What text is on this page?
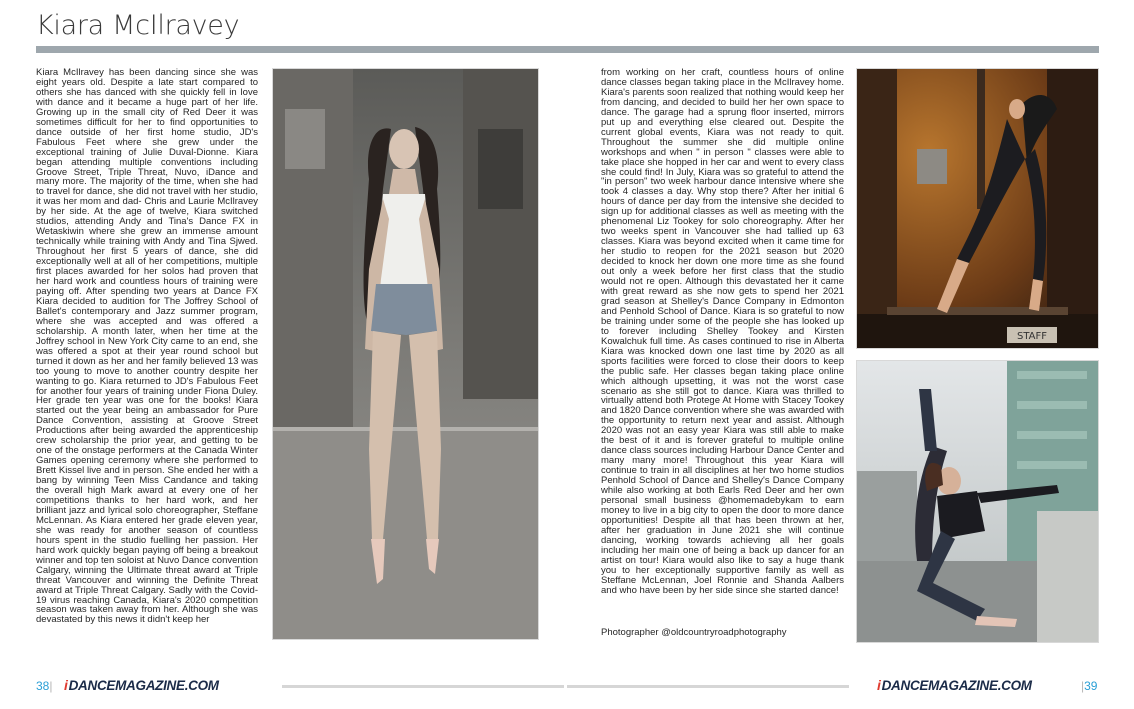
Kiara McIlravey

Kiara McIlravey has been dancing since she was eight years old. Despite a late start compared to others she has danced with she quickly fell in love with dance and it became a huge part of her life. Growing up in the small city of Red Deer it was sometimes difficult for her to find opportunities to dance outside of her first home studio, JD's Fabulous Feet where she grew under the exceptional training of Julie Duval-Dionne. Kiara began attending multiple conventions including Groove Street, Triple Threat, Nuvo, iDance and many more. The majority of the time, when she had to travel for dance, she did not travel with her studio, it was her mom and dad- Chris and Laurie McIlravey by her side. At the age of twelve, Kiara switched studios, attending Andy and Tina's Dance FX in Wetaskiwin where she grew an immense amount technically while training with Andy and Tina Sjwed. Throughout her first 5 years of dance, she did exceptionally well at all of her competitions, multiple first places awarded for her solos had proven that her hard work and countless hours of training were paying off. After spending two years at Dance FX Kiara decided to audition for The Joffrey School of Ballet's contemporary and Jazz summer program, where she was accepted and was offered a scholarship. A month later, when her time at the Joffrey school in New York City came to an end, she was offered a spot at their year round school but turned it down as her and her family believed 13 was too young to move to another country despite her wanting to go. Kiara returned to JD's Fabulous Feet for another four years of training under Fiona Duley. Her grade ten year was one for the books! Kiara started out the year being an ambassador for Pure Dance Convention, assisting at Groove Street Productions after being awarded the apprenticeship crew scholarship the prior year, and getting to be one of the onstage performers at the Canada Winter Games opening ceremony where she performed to Brett Kissel live and in person. She ended her with a bang by winning Teen Miss Candance and taking the overall high Mark award at every one of her competitions thanks to her hard work, and her brilliant jazz and lyrical solo choreographer, Steffane McLennan. As Kiara entered her grade eleven year, she was ready for another season of countless hours spent in the studio fuelling her passion. Her hard work quickly began paying off being a breakout winner and top ten soloist at Nuvo Dance convention Calgary, winning the Ultimate threat award at Triple threat Vancouver and winning the Definite Threat award at Triple Threat Calgary. Sadly with the Covid-19 virus reaching Canada, Kiara's 2020 competition season was taken away from her. Although she was devastated by this news it didn't keep her

from working on her craft, countless hours of online dance classes began taking place in the McIlravey home. Kiara's parents soon realized that nothing would keep her from dancing, and decided to build her her own space to dance. The garage had a sprung floor inserted, mirrors put up and everything else cleared out. Despite the current global events, Kiara was not ready to quit. Throughout the summer she did multiple online workshops and when " in person " classes were able to take place she hopped in her car and went to every class she could find! In July, Kiara was so grateful to attend the "in person" two week harbour dance intensive where she took 4 classes a day. Why stop there? After her initial 6 hours of dance per day from the intensive she decided to sign up for additional classes as well as meeting with the phenomenal Liz Tookey for solo choreography. After her two weeks spent in Vancouver she had tallied up 63 classes. Kiara was beyond excited when it came time for her studio to reopen for the 2021 season but 2020 decided to knock her down one more time as she found out only a week before her first class that the studio would not re open. Although this devastated her it came with great reward as she now gets to spend her 2021 grad season at Shelley's Dance Company in Edmonton and Penhold School of Dance. Kiara is so grateful to now be training under some of the people she has looked up to forever including Shelley Tookey and Kirsten Kowalchuk full time. As cases continued to rise in Alberta Kiara was knocked down one last time by 2020 as all sports facilities were forced to close their doors to keep the public safe. Her classes began taking place online which although upsetting, it was not the worst case scenario as she still got to dance. Kiara was thrilled to virtually attend both Protege At Home with Stacey Tookey and 1820 Dance convention where she was awarded with the opportunity to return next year and assist. Although 2020 was not an easy year Kiara was still able to make the best of it and is forever grateful to multiple online dance class sources including Harbour Dance Center and many many more! Throughout this year Kiara will continue to train in all disciplines at her two home studios Penhold School of Dance and Shelley's Dance Company while also working at both Earls Red Deer and her own personal small business @homemadebykam to earn money to live in a big city to open the door to more dance opportunities! Despite all that has been thrown at her, after her graduation in June 2021 she will continue dancing, working towards achieving all her goals including her main one of being a back up dancer for an artist on tour! Kiara would also like to say a huge thank you to her exceptionally supportive family as well as Steffane McLennan, Joel Ronnie and Shanda Aalbers and who have been by her side since she started dance!

Photographer @oldcountryroadphotography

STAFF
38| iDANCEMAGAZINE.COM	iDANCEMAGAZINE.COM	|39
